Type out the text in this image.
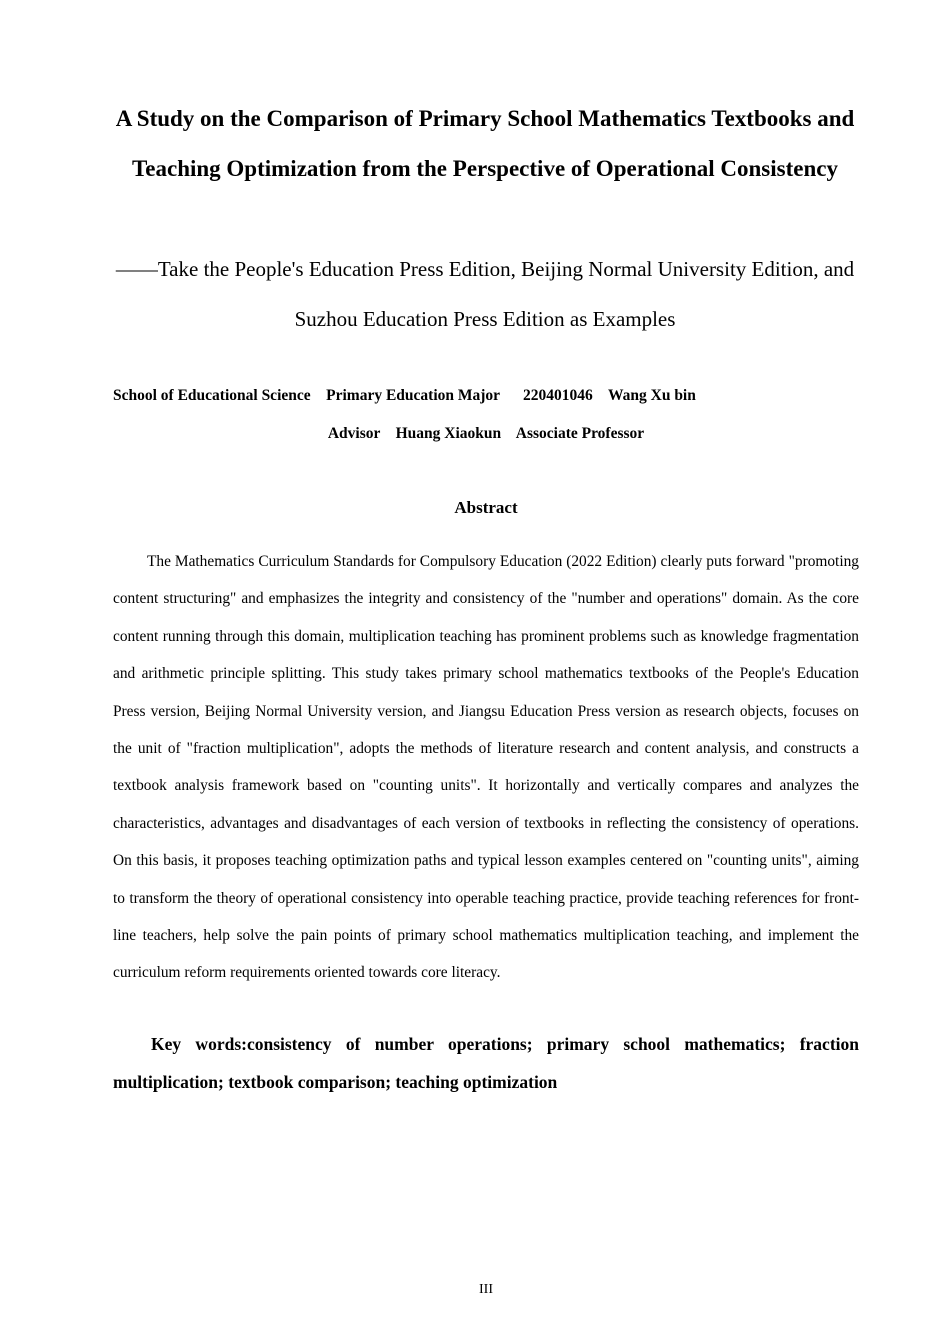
A Study on the Comparison of Primary School Mathematics Textbooks and Teaching Optimization from the Perspective of Operational Consistency

——Take the People's Education Press Edition, Beijing Normal University Edition, and Suzhou Education Press Edition as Examples

School of Educational Science    Primary Education Major      220401046    Wang Xu bin
Advisor    Huang Xiaokun    Associate Professor
Abstract

The Mathematics Curriculum Standards for Compulsory Education (2022 Edition) clearly puts forward "promoting content structuring" and emphasizes the integrity and consistency of the "number and operations" domain. As the core content running through this domain, multiplication teaching has prominent problems such as knowledge fragmentation and arithmetic principle splitting. This study takes primary school mathematics textbooks of the People's Education Press version, Beijing Normal University version, and Jiangsu Education Press version as research objects, focuses on the unit of "fraction multiplication", adopts the methods of literature research and content analysis, and constructs a textbook analysis framework based on "counting units". It horizontally and vertically compares and analyzes the characteristics, advantages and disadvantages of each version of textbooks in reflecting the consistency of operations. On this basis, it proposes teaching optimization paths and typical lesson examples centered on "counting units", aiming to transform the theory of operational consistency into operable teaching practice, provide teaching references for front-line teachers, help solve the pain points of primary school mathematics multiplication teaching, and implement the curriculum reform requirements oriented towards core literacy.

Key words:consistency of number operations; primary school mathematics; fraction multiplication; textbook comparison; teaching optimization

III
